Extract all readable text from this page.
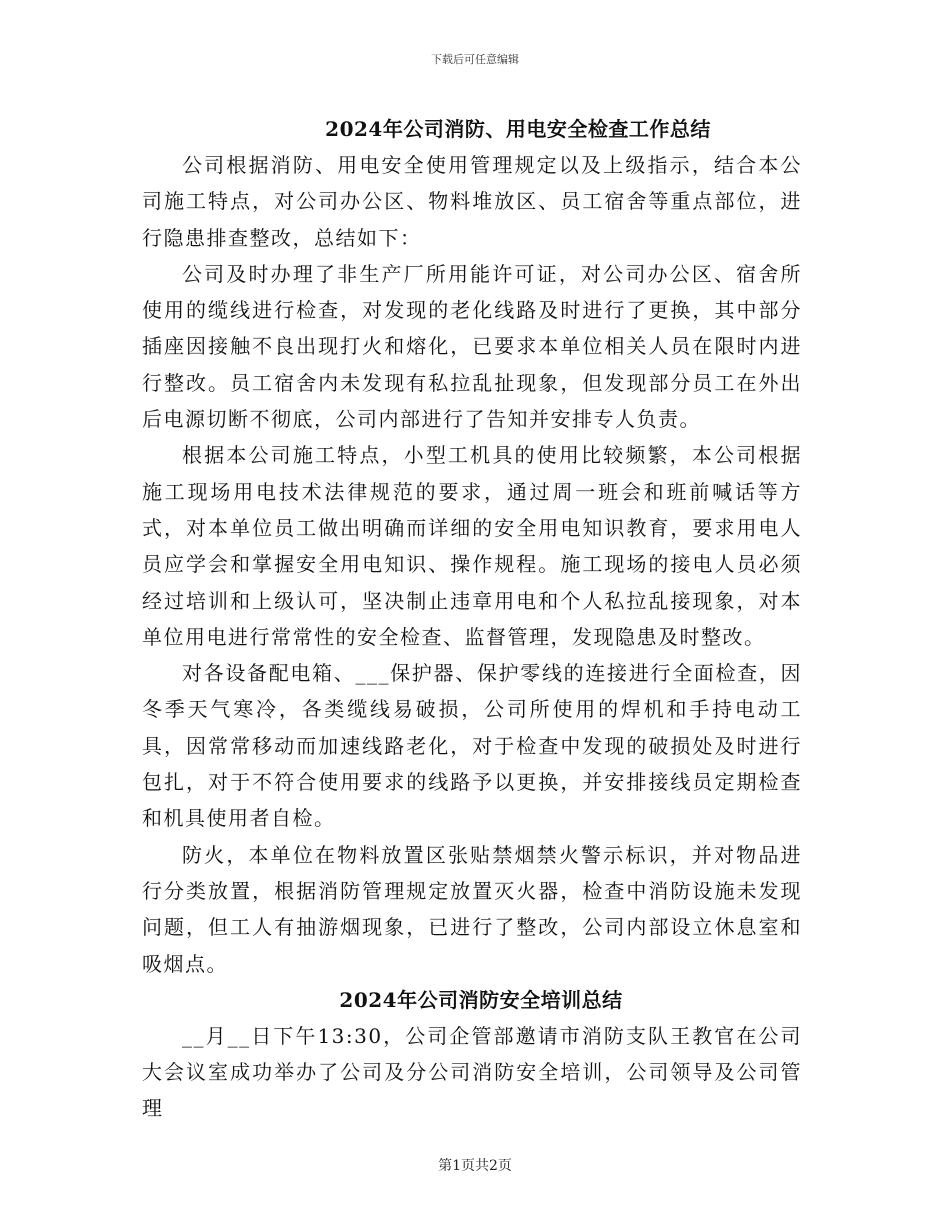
下载后可任意编辑
2024年公司消防、用电安全检查工作总结

公司根据消防、用电安全使用管理规定以及上级指示，结合本公司施工特点，对公司办公区、物料堆放区、员工宿舍等重点部位，进行隐患排查整改，总结如下：

公司及时办理了非生产厂所用能许可证，对公司办公区、宿舍所使用的缆线进行检查，对发现的老化线路及时进行了更换，其中部分插座因接触不良出现打火和熔化，已要求本单位相关人员在限时内进行整改。员工宿舍内未发现有私拉乱扯现象，但发现部分员工在外出后电源切断不彻底，公司内部进行了告知并安排专人负责。

根据本公司施工特点，小型工机具的使用比较频繁，本公司根据施工现场用电技术法律规范的要求，通过周一班会和班前喊话等方式，对本单位员工做出明确而详细的安全用电知识教育，要求用电人员应学会和掌握安全用电知识、操作规程。施工现场的接电人员必须经过培训和上级认可，坚决制止违章用电和个人私拉乱接现象，对本单位用电进行常常性的安全检查、监督管理，发现隐患及时整改。

对各设备配电箱、___保护器、保护零线的连接进行全面检查，因冬季天气寒冷，各类缆线易破损，公司所使用的焊机和手持电动工具，因常常移动而加速线路老化，对于检查中发现的破损处及时进行包扎，对于不符合使用要求的线路予以更换，并安排接线员定期检查和机具使用者自检。

防火，本单位在物料放置区张贴禁烟禁火警示标识，并对物品进行分类放置，根据消防管理规定放置灭火器，检查中消防设施未发现问题，但工人有抽游烟现象，已进行了整改，公司内部设立休息室和吸烟点。

2024年公司消防安全培训总结

__月__日下午13:30，公司企管部邀请市消防支队王教官在公司大会议室成功举办了公司及分公司消防安全培训，公司领导及公司管理

第1页共2页
